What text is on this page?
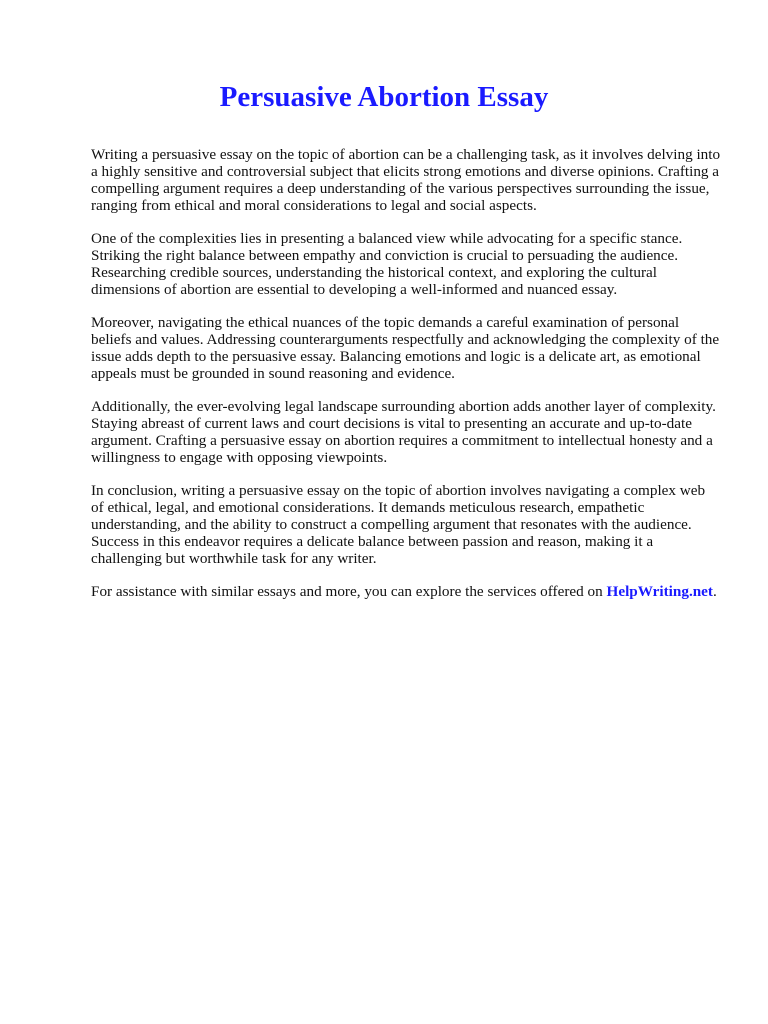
Persuasive Abortion Essay

Writing a persuasive essay on the topic of abortion can be a challenging task, as it involves delving into a highly sensitive and controversial subject that elicits strong emotions and diverse opinions. Crafting a compelling argument requires a deep understanding of the various perspectives surrounding the issue, ranging from ethical and moral considerations to legal and social aspects.

One of the complexities lies in presenting a balanced view while advocating for a specific stance. Striking the right balance between empathy and conviction is crucial to persuading the audience. Researching credible sources, understanding the historical context, and exploring the cultural dimensions of abortion are essential to developing a well-informed and nuanced essay.

Moreover, navigating the ethical nuances of the topic demands a careful examination of personal beliefs and values. Addressing counterarguments respectfully and acknowledging the complexity of the issue adds depth to the persuasive essay. Balancing emotions and logic is a delicate art, as emotional appeals must be grounded in sound reasoning and evidence.

Additionally, the ever-evolving legal landscape surrounding abortion adds another layer of complexity. Staying abreast of current laws and court decisions is vital to presenting an accurate and up-to-date argument. Crafting a persuasive essay on abortion requires a commitment to intellectual honesty and a willingness to engage with opposing viewpoints.

In conclusion, writing a persuasive essay on the topic of abortion involves navigating a complex web of ethical, legal, and emotional considerations. It demands meticulous research, empathetic understanding, and the ability to construct a compelling argument that resonates with the audience. Success in this endeavor requires a delicate balance between passion and reason, making it a challenging but worthwhile task for any writer.

For assistance with similar essays and more, you can explore the services offered on HelpWriting.net.
